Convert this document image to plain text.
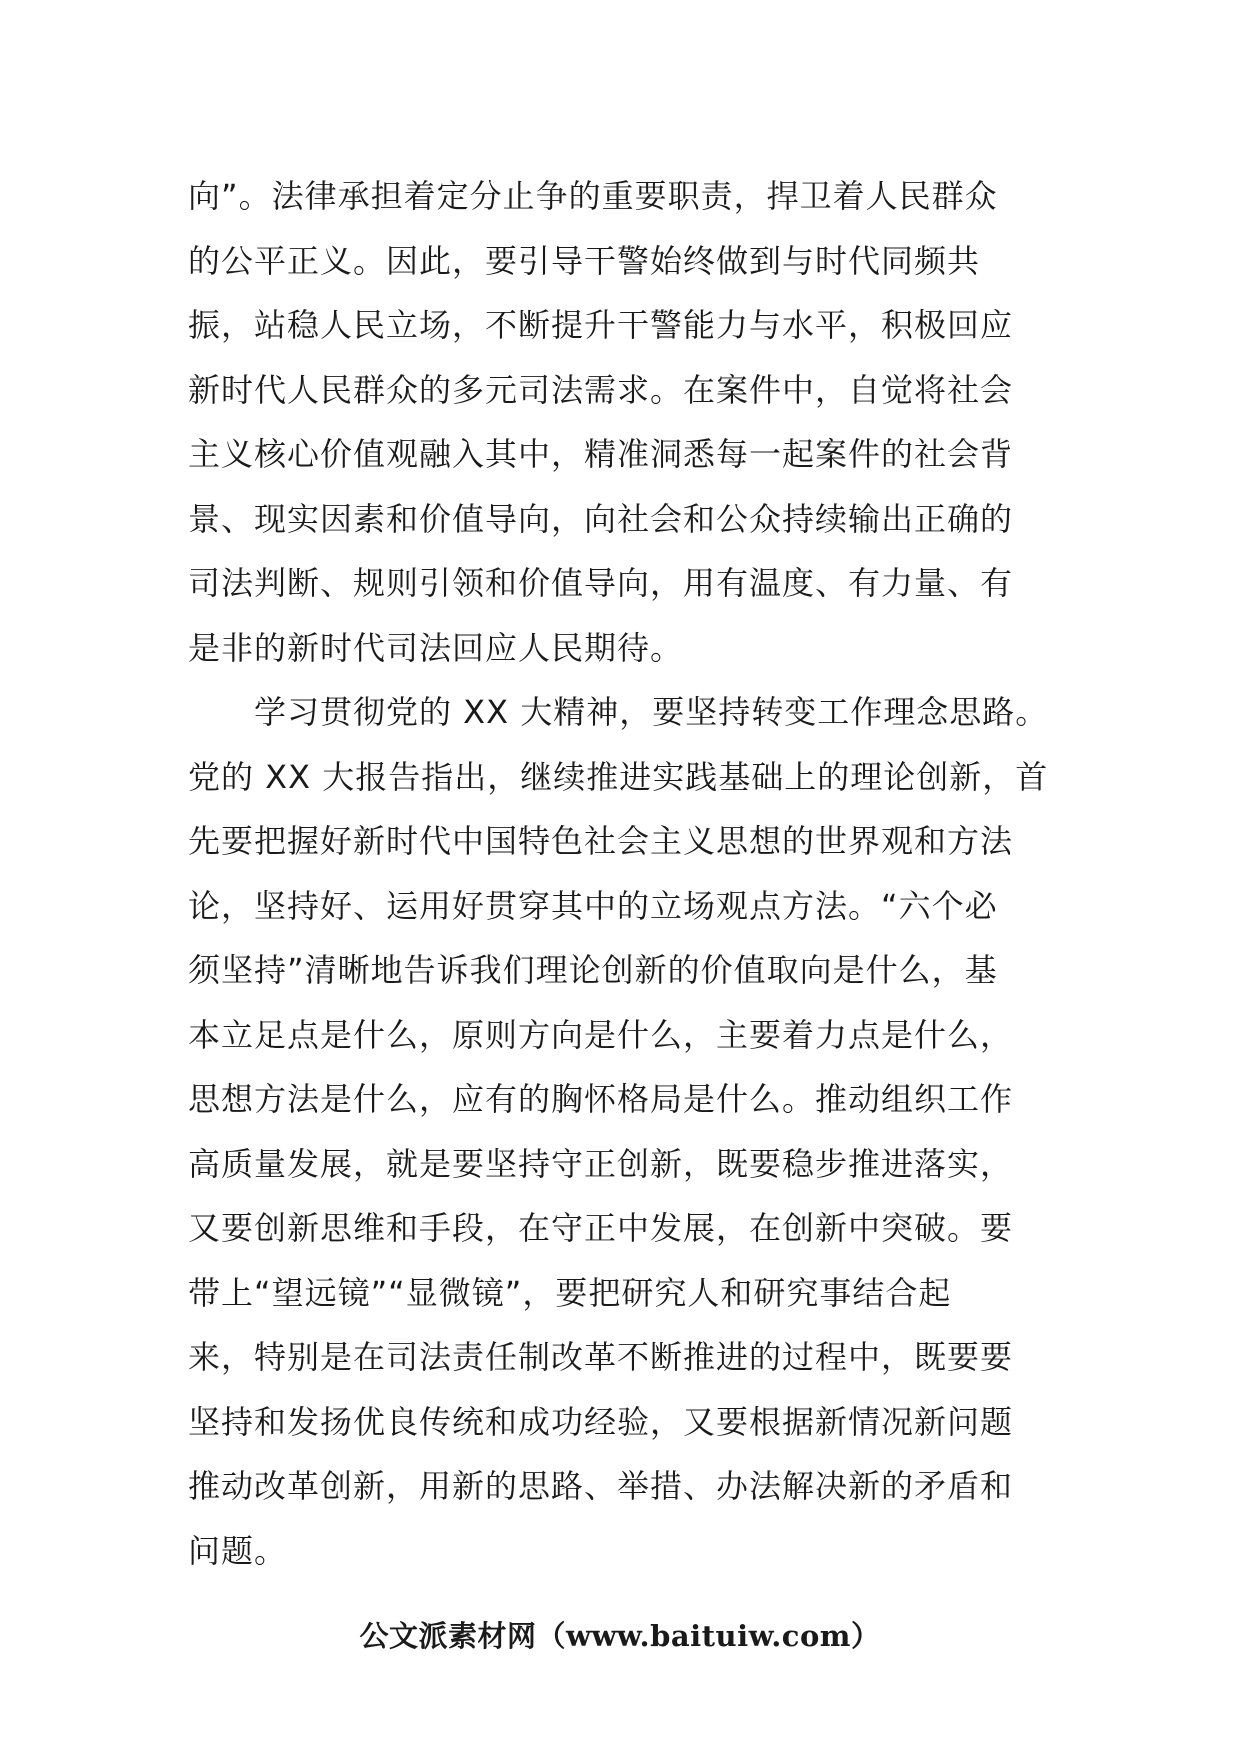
向”。法律承担着定分止争的重要职责，捍卫着人民群众
的公平正义。因此，要引导干警始终做到与时代同频共
振，站稳人民立场，不断提升干警能力与水平，积极回应
新时代人民群众的多元司法需求。在案件中，自觉将社会
主义核心价值观融入其中，精准洞悉每一起案件的社会背
景、现实因素和价值导向，向社会和公众持续输出正确的
司法判断、规则引领和价值导向，用有温度、有力量、有
是非的新时代司法回应人民期待。
　　学习贯彻党的 XX 大精神，要坚持转变工作理念思路。
党的 XX 大报告指出，继续推进实践基础上的理论创新，首
先要把握好新时代中国特色社会主义思想的世界观和方法
论，坚持好、运用好贯穿其中的立场观点方法。“六个必
须坚持”清晰地告诉我们理论创新的价值取向是什么，基
本立足点是什么，原则方向是什么，主要着力点是什么，
思想方法是什么，应有的胸怀格局是什么。推动组织工作
高质量发展，就是要坚持守正创新，既要稳步推进落实，
又要创新思维和手段，在守正中发展，在创新中突破。要
带上“望远镜”“显微镜”，要把研究人和研究事结合起
来，特别是在司法责任制改革不断推进的过程中，既要要
坚持和发扬优良传统和成功经验，又要根据新情况新问题
推动改革创新，用新的思路、举措、办法解决新的矛盾和
问题。
公文派素材网（www.baituiw.com）
